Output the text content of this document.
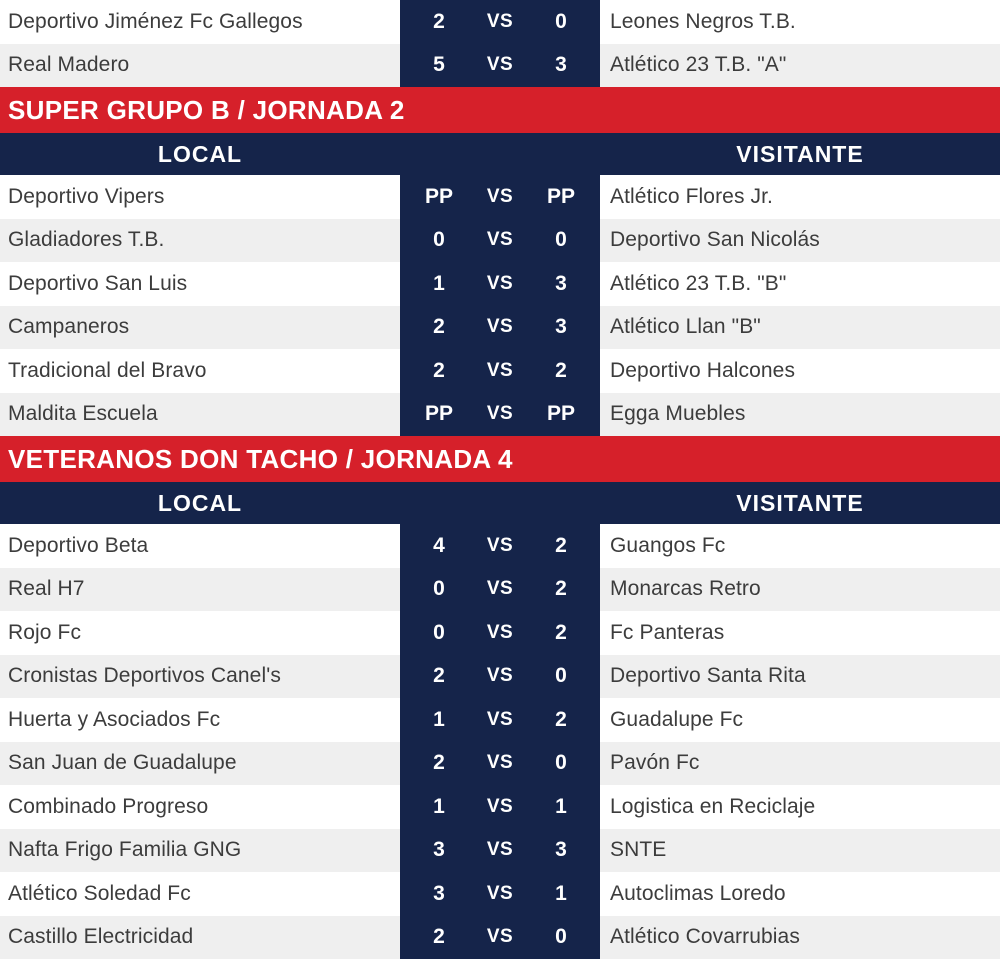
Deportivo Jiménez Fc Gallegos	2	VS	0	Leones Negros T.B.
Real Madero	5	VS	3	Atlético 23 T.B. "A"
SUPER GRUPO B / JORNADA 2
LOCAL	VISITANTE
Deportivo Vipers	PP	VS	PP	Atlético Flores Jr.
Gladiadores T.B.	0	VS	0	Deportivo San Nicolás
Deportivo San Luis	1	VS	3	Atlético 23 T.B. "B"
Campaneros	2	VS	3	Atlético Llan "B"
Tradicional del Bravo	2	VS	2	Deportivo Halcones
Maldita Escuela	PP	VS	PP	Egga Muebles
VETERANOS DON TACHO / JORNADA 4
LOCAL	VISITANTE
Deportivo Beta	4	VS	2	Guangos Fc
Real H7	0	VS	2	Monarcas Retro
Rojo Fc	0	VS	2	Fc Panteras
Cronistas Deportivos Canel's	2	VS	0	Deportivo Santa Rita
Huerta y Asociados Fc	1	VS	2	Guadalupe Fc
San Juan de Guadalupe	2	VS	0	Pavón Fc
Combinado Progreso	1	VS	1	Logistica en Reciclaje
Nafta Frigo Familia GNG	3	VS	3	SNTE
Atlético Soledad Fc	3	VS	1	Autoclimas Loredo
Castillo Electricidad	2	VS	0	Atlético Covarrubias
